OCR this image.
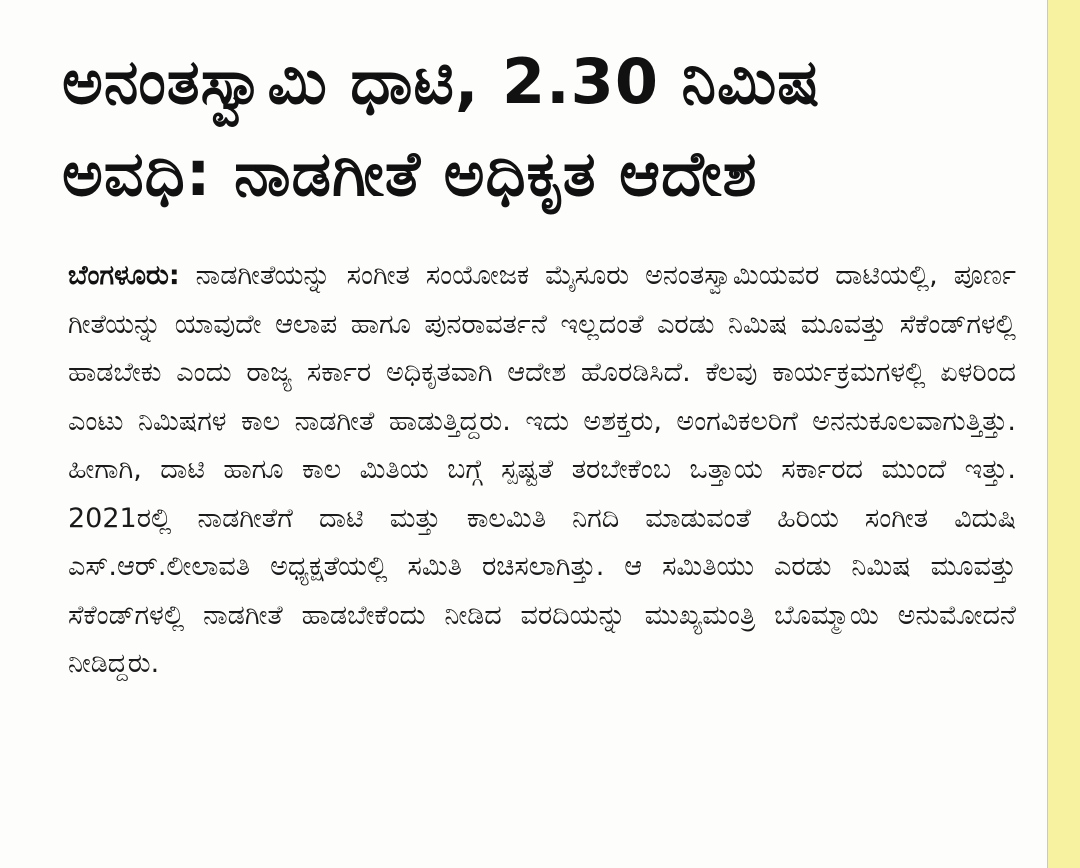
ಅನಂತಸ್ವಾಮಿ ಧಾಟಿ, 2.30 ನಿಮಿಷ
ಅವಧಿ: ನಾಡಗೀತೆ ಅಧಿಕೃತ ಆದೇಶ

ಬೆಂಗಳೂರು: ನಾಡಗೀತೆಯನ್ನು ಸಂಗೀತ ಸಂಯೋಜಕ ಮೈಸೂರು ಅನಂತಸ್ವಾಮಿಯವರ ದಾಟಿಯಲ್ಲಿ, ಪೂರ್ಣ ಗೀತೆಯನ್ನು ಯಾವುದೇ ಆಲಾಪ ಹಾಗೂ ಪುನರಾವರ್ತನೆ ಇಲ್ಲದಂತೆ ಎರಡು ನಿಮಿಷ ಮೂವತ್ತು ಸೆಕೆಂಡ್‌ಗಳಲ್ಲಿ ಹಾಡಬೇಕು ಎಂದು ರಾಜ್ಯ ಸರ್ಕಾರ ಅಧಿಕೃತವಾಗಿ ಆದೇಶ ಹೊರಡಿಸಿದೆ. ಕೆಲವು ಕಾರ್ಯಕ್ರಮಗಳಲ್ಲಿ ಏಳರಿಂದ ಎಂಟು ನಿಮಿಷಗಳ ಕಾಲ ನಾಡಗೀತೆ ಹಾಡುತ್ತಿದ್ದರು. ಇದು ಅಶಕ್ತರು, ಅಂಗವಿಕಲರಿಗೆ ಅನನುಕೂಲವಾಗುತ್ತಿತ್ತು. ಹೀಗಾಗಿ, ದಾಟಿ ಹಾಗೂ ಕಾಲ ಮಿತಿಯ ಬಗ್ಗೆ ಸ್ಪಷ್ಟತೆ ತರಬೇಕೆಂಬ ಒತ್ತಾಯ ಸರ್ಕಾರದ ಮುಂದೆ ಇತ್ತು. 2021ರಲ್ಲಿ ನಾಡಗೀತೆಗೆ ದಾಟಿ ಮತ್ತು ಕಾಲಮಿತಿ ನಿಗದಿ ಮಾಡುವಂತೆ ಹಿರಿಯ ಸಂಗೀತ ವಿದುಷಿ ಎಸ್.ಆರ್.ಲೀಲಾವತಿ ಅಧ್ಯಕ್ಷತೆಯಲ್ಲಿ ಸಮಿತಿ ರಚಿಸಲಾಗಿತ್ತು. ಆ ಸಮಿತಿಯು ಎರಡು ನಿಮಿಷ ಮೂವತ್ತು ಸೆಕೆಂಡ್‌ಗಳಲ್ಲಿ ನಾಡಗೀತೆ ಹಾಡಬೇಕೆಂದು ನೀಡಿದ ವರದಿಯನ್ನು ಮುಖ್ಯಮಂತ್ರಿ ಬೊಮ್ಮಾಯಿ ಅನುಮೋದನೆ ನೀಡಿದ್ದರು.
